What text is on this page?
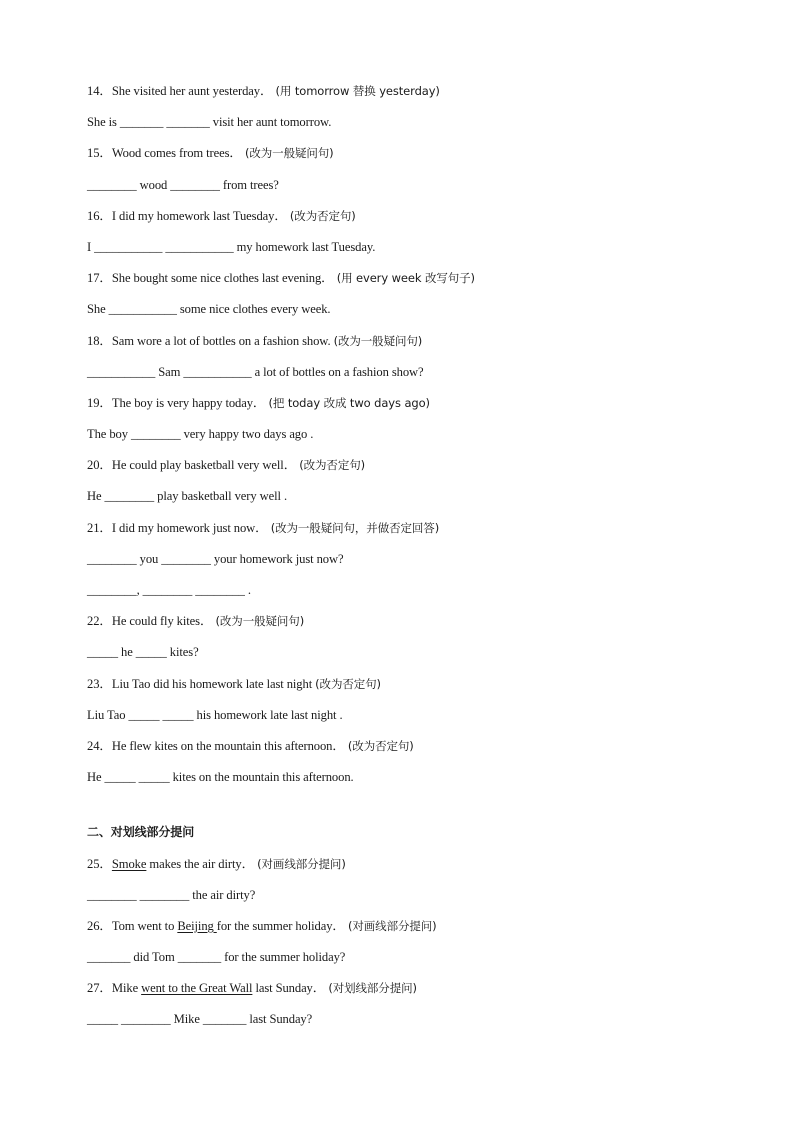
14．She visited her aunt yesterday． (用 tomorrow 替换 yesterday)
She is _______ _______ visit her aunt tomorrow.
15．Wood comes from trees． (改为一般疑问句)
________ wood ________ from trees?
16．I did my homework last Tuesday． (改为否定句)
I ___________ ___________ my homework last Tuesday.
17．She bought some nice clothes last evening． (用 every week 改写句子)
She ___________ some nice clothes every week.
18．Sam wore a lot of bottles on a fashion show. (改为一般疑问句)
___________ Sam ___________ a lot of bottles on a fashion show?
19．The boy is very happy today． (把 today 改成 two days ago)
The boy ________ very happy two days ago .
20．He could play basketball very well． (改为否定句)
He ________ play basketball very well .
21．I did my homework just now． (改为一般疑问句，并做否定回答)
________ you ________ your homework just now?
________, ________ ________ .
22．He could fly kites． (改为一般疑问句)
_____ he _____ kites?
23．Liu Tao did his homework late last night (改为否定句)
Liu Tao _____ _____ his homework late last night .
24．He flew kites on the mountain this afternoon． (改为否定句)
He _____ _____ kites on the mountain this afternoon.
二、对划线部分提问
25．Smoke makes the air dirty． (对画线部分提问)
________ ________ the air dirty?
26．Tom went to Beijing for the summer holiday． (对画线部分提问)
_______ did Tom _______ for the summer holiday?
27．Mike went to the Great Wall last Sunday． (对划线部分提问)
_____ ________ Mike _______ last Sunday?
